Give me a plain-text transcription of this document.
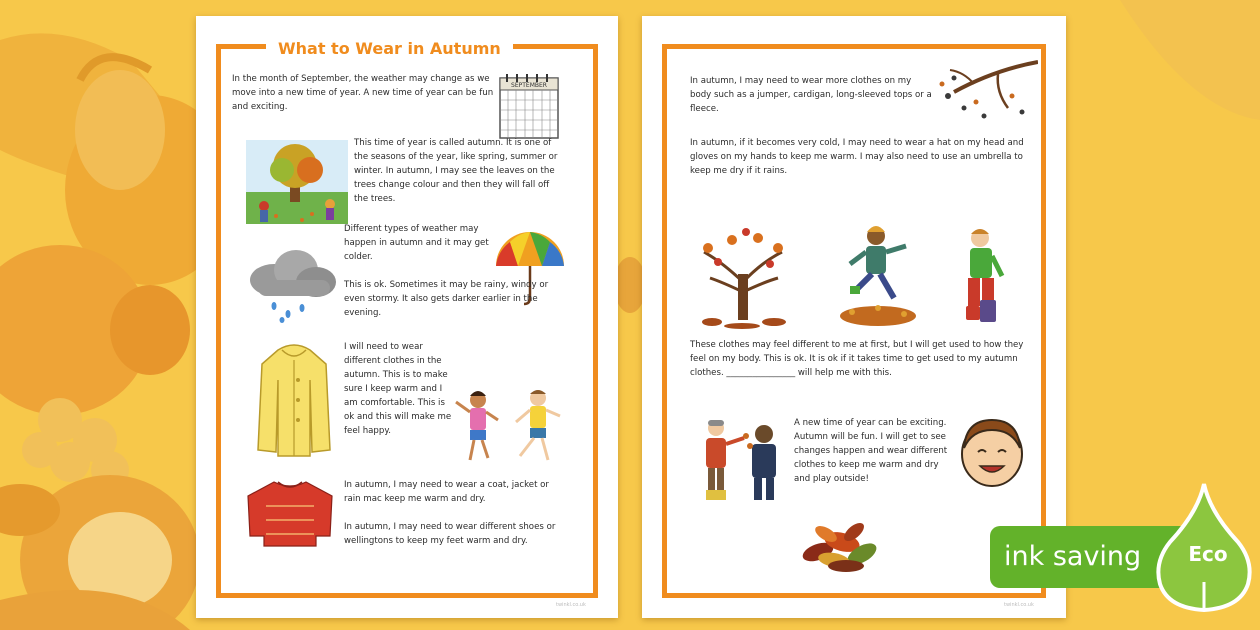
What to Wear in Autumn

In the month of September, the weather may change as we move into a new time of year. A new time of year can be fun and exciting.

SEPTEMBER

This time of year is called autumn. It is one of the seasons of the year, like spring, summer or winter. In autumn, I may see the leaves on the trees change colour and then they will fall off the trees.

Different types of weather may happen in autumn and it may get colder.

This is ok. Sometimes it may be rainy, windy or even stormy. It also gets darker earlier in the evening.

I will need to wear different clothes in the autumn. This is to make sure I keep warm and I am comfortable. This is ok and this will make me feel happy.

In autumn, I may need to wear a coat, jacket or rain mac keep me warm and dry.

In autumn, I may need to wear different shoes or wellingtons to keep my feet warm and dry.

twinkl.co.uk

In autumn, I may need to wear more clothes on my body such as a jumper, cardigan, long-sleeved tops or a fleece.

In autumn, if it becomes very cold, I may need to wear a hat on my head and gloves on my hands to keep me warm. I may also need to use an umbrella to keep me dry if it rains.

These clothes may feel different to me at first, but I will get used to how they feel on my body. This is ok. It is ok if it takes time to get used to my autumn clothes. ________________ will help me with this.

A new time of year can be exciting. Autumn will be fun. I will get to see changes happen and wear different clothes to keep me warm and dry and play outside!

twinkl.co.uk
ink saving Eco
